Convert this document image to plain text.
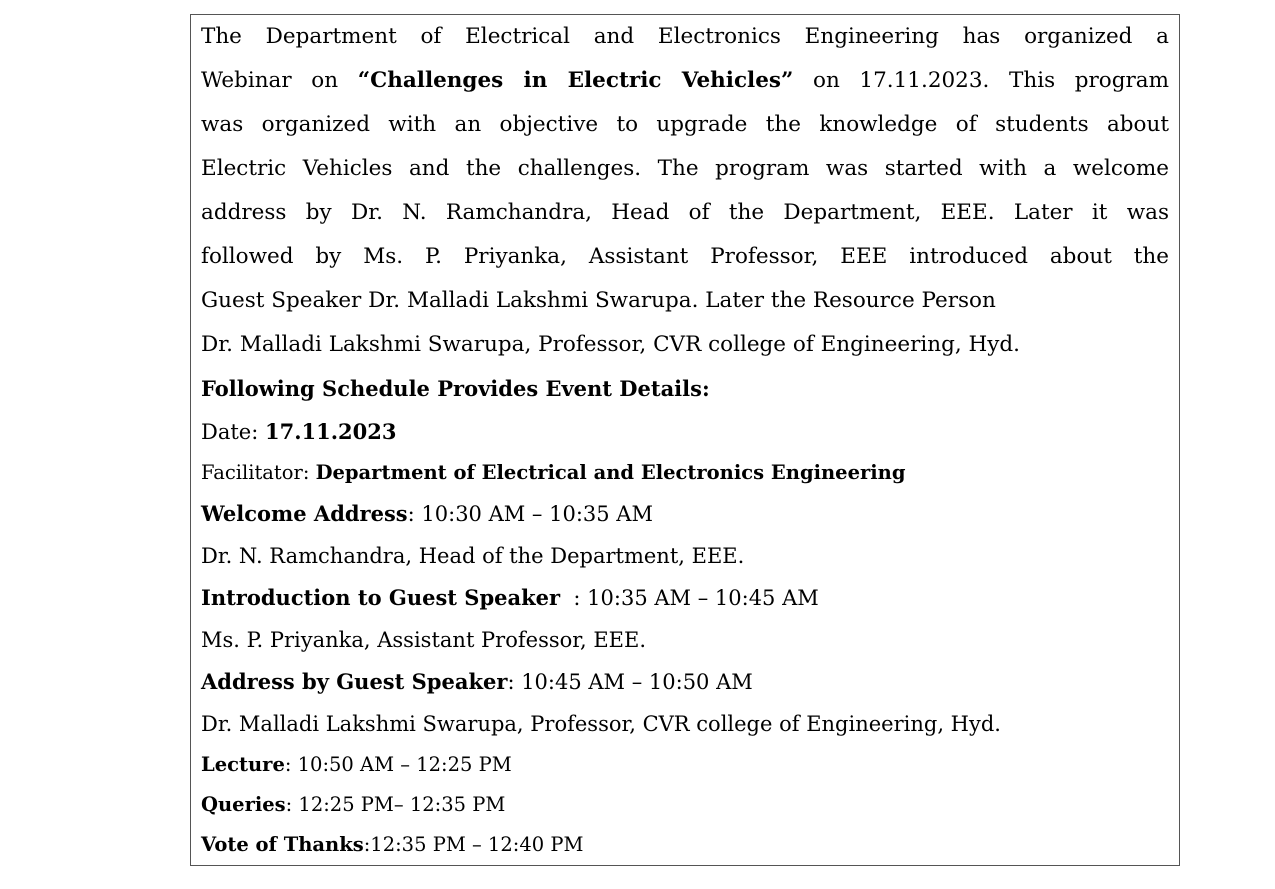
The Department of Electrical and Electronics Engineering has organized a
Webinar on “Challenges in Electric Vehicles” on 17.11.2023. This program
was organized with an objective to upgrade the knowledge of students about
Electric Vehicles and the challenges. The program was started with a welcome
address by Dr. N. Ramchandra, Head of the Department, EEE. Later it was
followed by Ms. P. Priyanka, Assistant Professor, EEE introduced about the
Guest Speaker Dr. Malladi Lakshmi Swarupa. Later the Resource Person
Dr. Malladi Lakshmi Swarupa, Professor, CVR college of Engineering, Hyd.

Following Schedule Provides Event Details:
Date: 17.11.2023
Facilitator: Department of Electrical and Electronics Engineering
Welcome Address: 10:30 AM – 10:35 AM
Dr. N. Ramchandra, Head of the Department, EEE.
Introduction to Guest Speaker  : 10:35 AM – 10:45 AM
Ms. P. Priyanka, Assistant Professor, EEE.
Address by Guest Speaker: 10:45 AM – 10:50 AM
Dr. Malladi Lakshmi Swarupa, Professor, CVR college of Engineering, Hyd.
Lecture: 10:50 AM – 12:25 PM
Queries: 12:25 PM– 12:35 PM
Vote of Thanks:12:35 PM – 12:40 PM
